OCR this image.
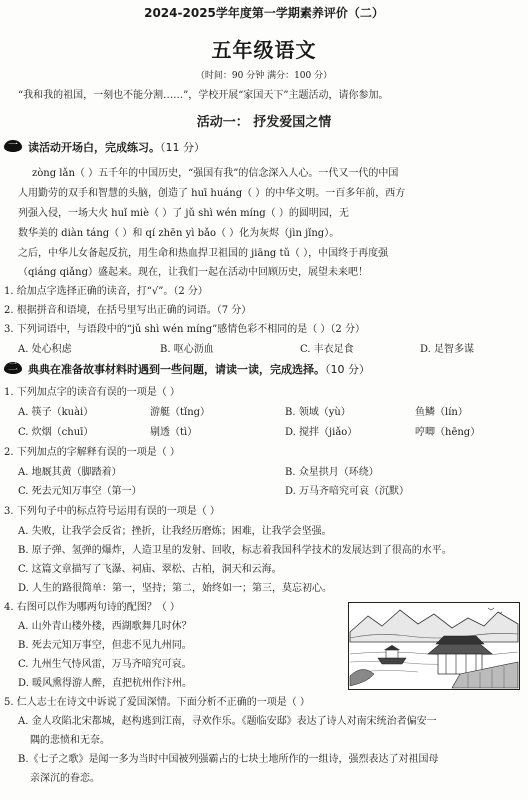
2024-2025学年度第一学期素养评价（二）
五年级语文
（时间：90 分钟 满分：100 分）
“我和我的祖国，一刻也不能分割……”，学校开展“家国天下”主题活动，请你参加。
活动一： 抒发爱国之情
一 读活动开场白，完成练习。（11 分）
zòng lǎn（ ）五千年的中国历史，“强国有我”的信念深入人心。一代又一代的中国
人用勤劳的双手和智慧的头脑，创造了 huī huáng（ ）的中华文明。一百多年前，西方
列强入侵，一场大火 huǐ miè（ ）了 jǔ shì wén míng（ ）的圆明园，无
数华美的 diàn táng（ ）和 qí zhēn yì bǎo（ ）化为灰烬（jìn jǐng）。
之后，中华儿女备起反抗，用生命和热血捍卫祖国的 jiāng tǔ（ ），中国终于再度强
（qiáng qiǎng）盛起来。现在，让我们一起在活动中回顾历史，展望未来吧！
1. 给加点字选择正确的读音，打“√”。（2 分）
2. 根据拼音和语境，在括号里写出正确的词语。（7 分）
3. 下列词语中，与语段中的“jǔ shì wén míng”感情色彩不相同的是（ ）（2 分）
A. 处心积虑	B. 呕心沥血	C. 丰衣足食	D. 足智多谋
二 典典在准备故事材料时遇到一些问题，请读一读，完成选择。（10 分）
1. 下列加点字的读音有误的一项是（ ）
A. 筷子（kuài）	游艇（tǐng）	B. 领域（yù）	鱼鳞（lín）
C. 炊烟（chuī）	剔透（tì）	D. 搅拌（jiǎo）	哼唧（hēng）
2. 下列加点的字解释有误的一项是（ ）
A. 地厩其黄（脚踏着）	B. 众星拱月（环绕）
C. 死去元知万事空（第一）	D. 万马齐喑究可哀（沉默）
3. 下列句子中的标点符号运用有误的一项是（ ）
A. 失败，让我学会反省；挫折，让我经历磨炼；困难，让我学会坚强。
B. 原子弹、氢弹的爆炸，人造卫星的发射、回收，标志着我国科学技术的发展达到了很高的水平。
C. 这篇文章描写了飞瀑、祠庙、翠松、古柏，洞天和云海。
D. 人生的路很简单：第一，坚持；第二，始终如一；第三，莫忘初心。
4. 右图可以作为哪两句诗的配图？（ ）
A. 山外青山楼外楼，西湖歌舞几时休？
B. 死去元知万事空，但悲不见九州同。
C. 九州生气恃风雷，万马齐喑究可哀。
D. 暖风熏得游人醉，直把杭州作汴州。
5. 仁人志士在诗文中诉说了爱国深情。下面分析不正确的一项是（ ）
A. 金人攻陷北宋都城，赵构逃到江南，寻欢作乐。《题临安邸》表达了诗人对南宋统治者偏安一
隅的悲愤和无奈。
B.《七子之歌》是闻一多为当时中国被列强霸占的七块土地所作的一组诗，强烈表达了对祖国母
亲深沉的眷恋。
